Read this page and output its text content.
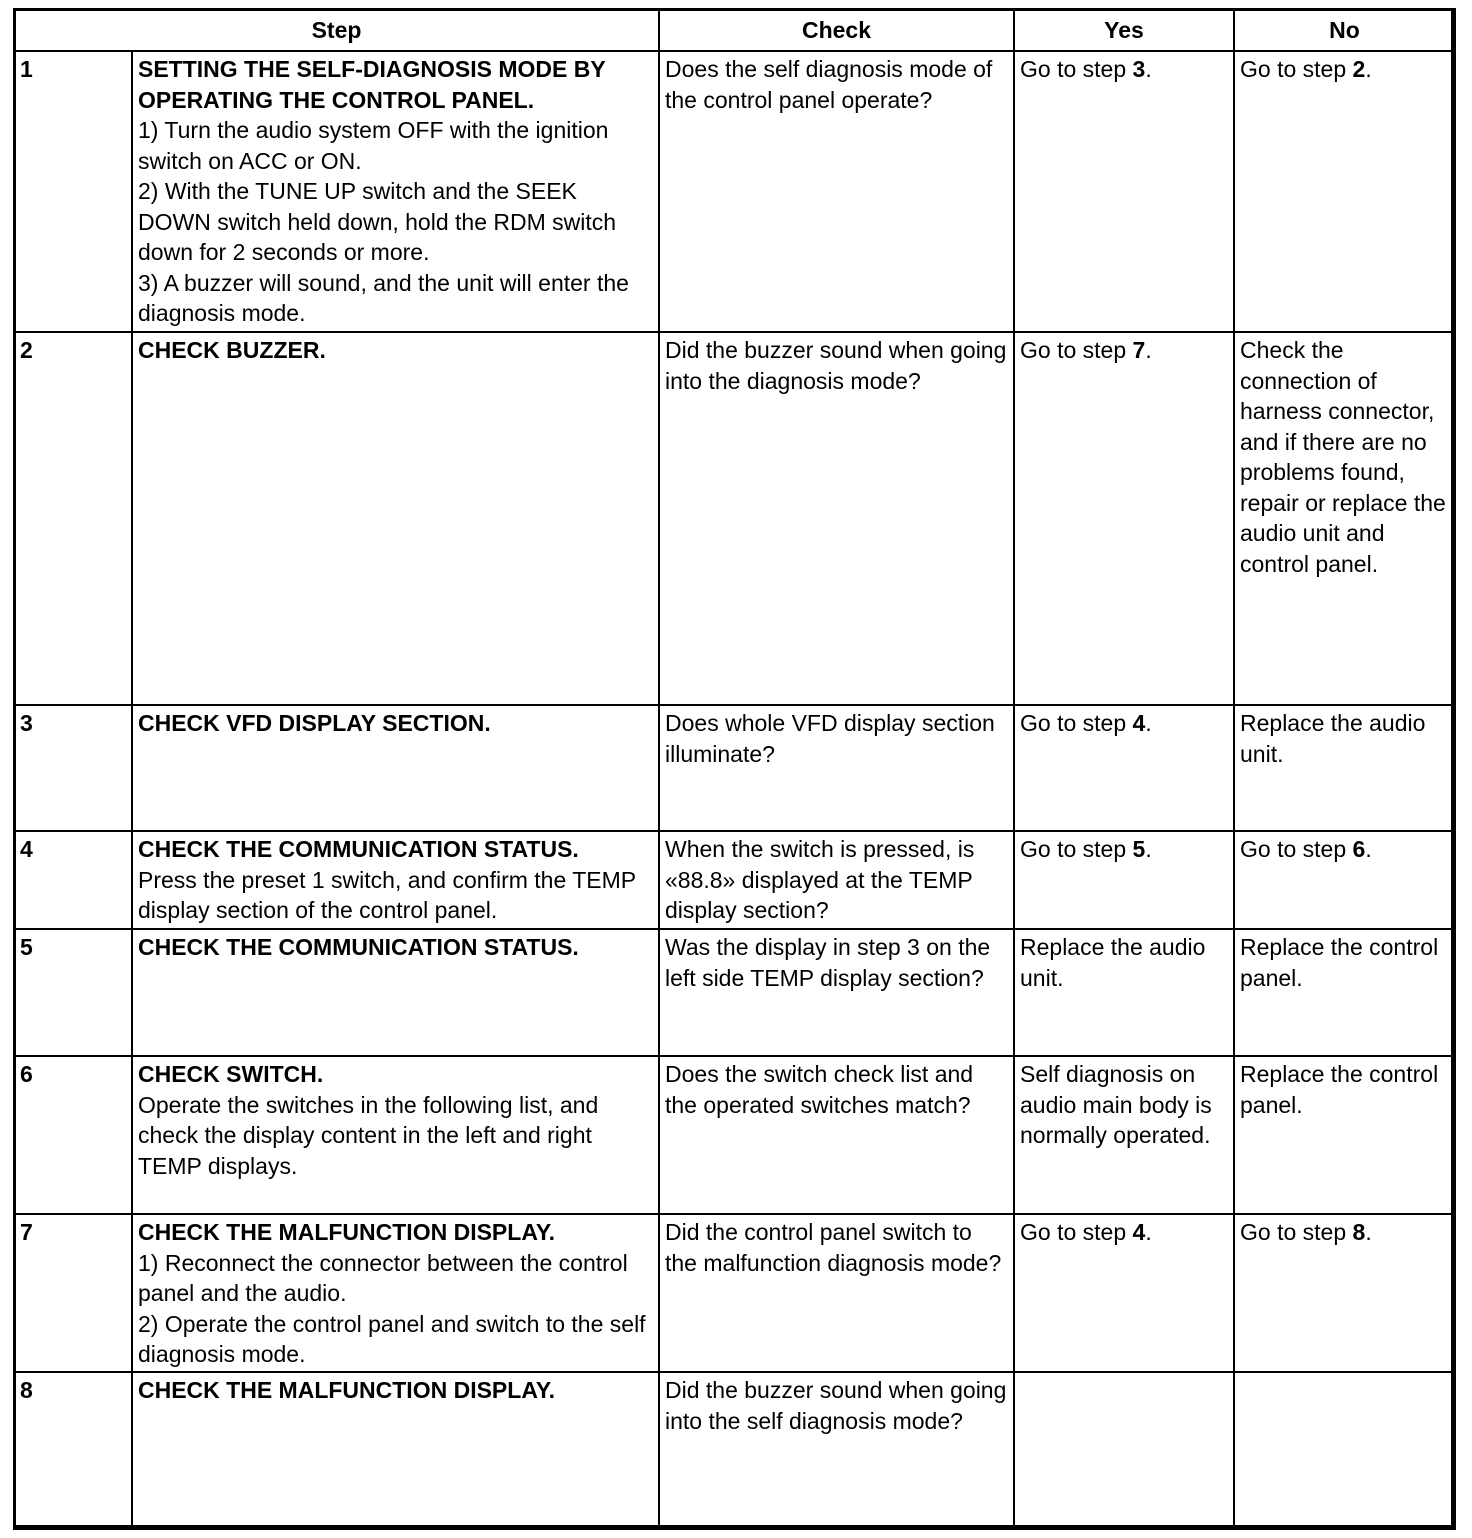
Step		Check	Yes	No
1	SETTING THE SELF-DIAGNOSIS MODE BY OPERATING THE CONTROL PANEL.
1) Turn the audio system OFF with the ignition switch on ACC or ON.
2) With the TUNE UP switch and the SEEK DOWN switch held down, hold the RDM switch down for 2 seconds or more.
3) A buzzer will sound, and the unit will enter the diagnosis mode.	Does the self diagnosis mode of the control panel operate?	Go to step 3.	Go to step 2.
2	CHECK BUZZER.	Did the buzzer sound when going into the diagnosis mode?	Go to step 7.	Check the connection of harness connector, and if there are no problems found, repair or replace the audio unit and control panel.
3	CHECK VFD DISPLAY SECTION.	Does whole VFD display section illuminate?	Go to step 4.	Replace the audio unit.
4	CHECK THE COMMUNICATION STATUS.
Press the preset 1 switch, and confirm the TEMP display section of the control panel.	When the switch is pressed, is «88.8» displayed at the TEMP display section?	Go to step 5.	Go to step 6.
5	CHECK THE COMMUNICATION STATUS.	Was the display in step 3 on the left side TEMP display section?	Replace the audio unit.	Replace the control panel.
6	CHECK SWITCH.
Operate the switches in the following list, and check the display content in the left and right TEMP displays.	Does the switch check list and the operated switches match?	Self diagnosis on audio main body is normally operated.	Replace the control panel.
7	CHECK THE MALFUNCTION DISPLAY.
1) Reconnect the connector between the control panel and the audio.
2) Operate the control panel and switch to the self diagnosis mode.	Did the control panel switch to the malfunction diagnosis mode?	Go to step 4.	Go to step 8.
8	CHECK THE MALFUNCTION DISPLAY.	Did the buzzer sound when going into the self diagnosis mode?		
